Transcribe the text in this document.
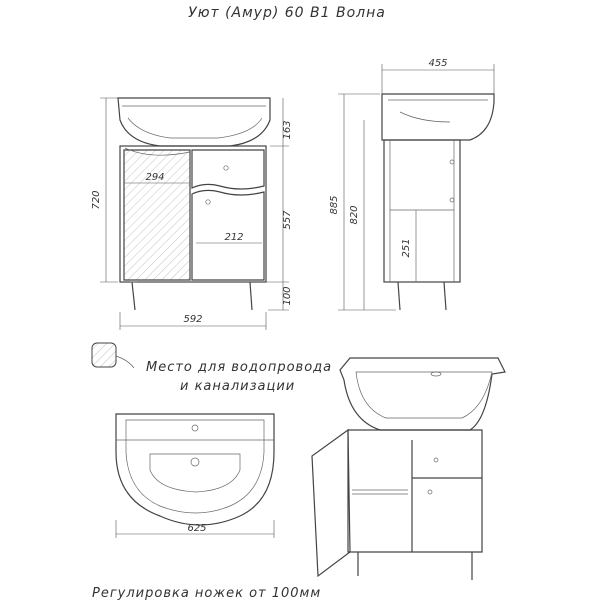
Уют (Амур) 60 В1 Волна
720
163
557
100
592
294
212
455
885
820
251
Место для водопровода
и канализации
625
Регулировка ножек от 100мм
